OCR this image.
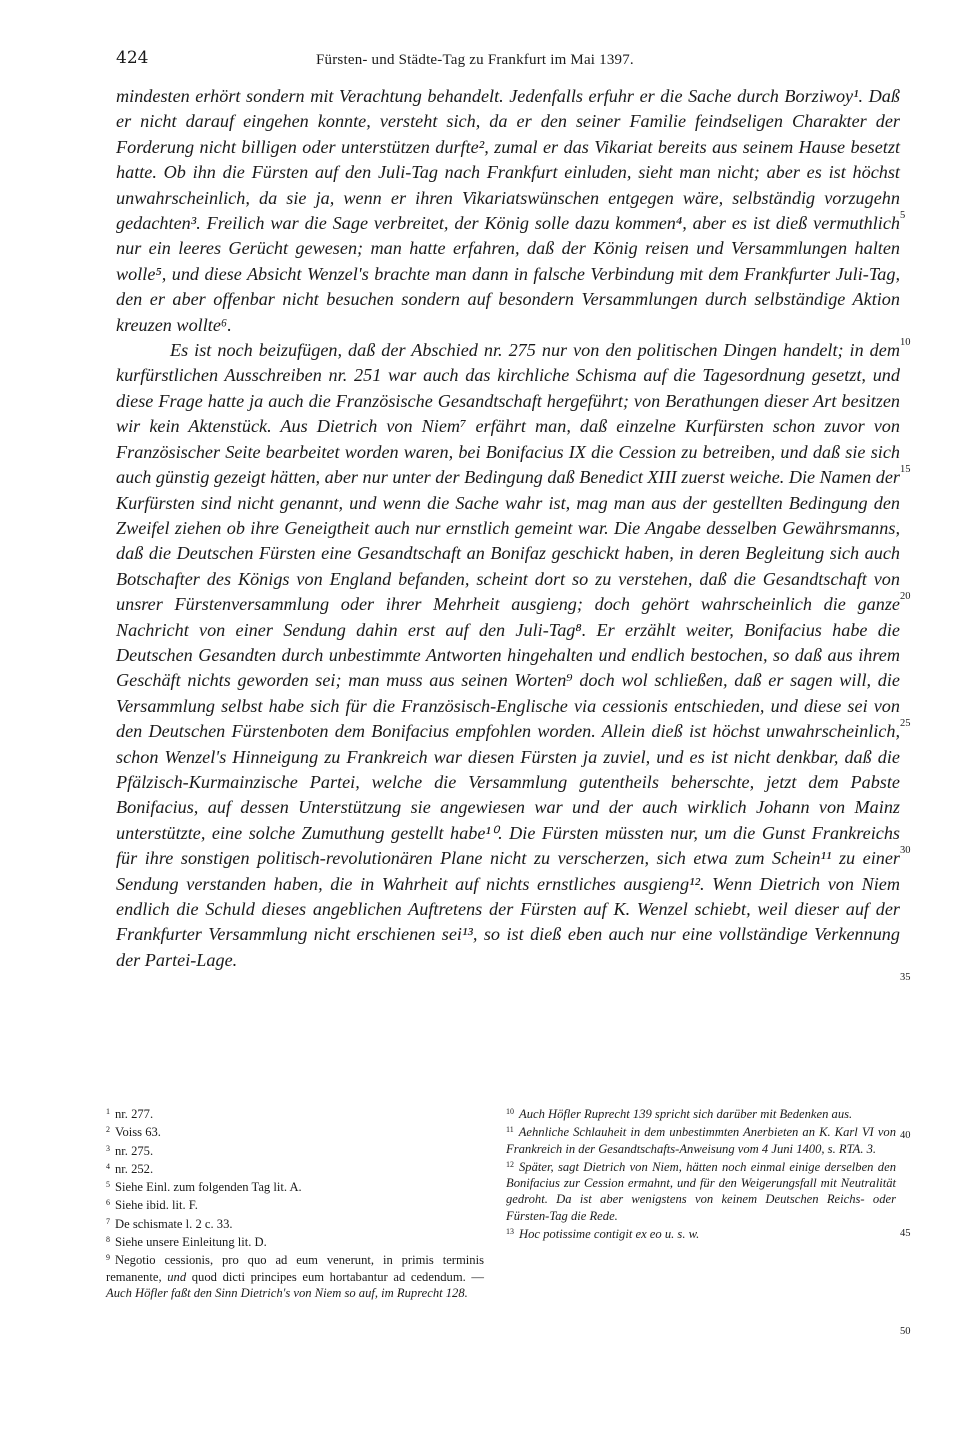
424	Fürsten- und Städte-Tag zu Frankfurt im Mai 1397.

mindesten erhört sondern mit Verachtung behandelt. Jedenfalls erfuhr er die Sache durch Borziwoy¹. Daß er nicht darauf eingehen konnte, versteht sich, da er den seiner Familie feindseligen Charakter der Forderung nicht billigen oder unterstützen durfte², zumal er das Vikariat bereits aus seinem Hause besetzt hatte. Ob ihn die Fürsten auf den Juli-Tag nach Frankfurt einluden, sieht man nicht; aber es ist höchst unwahrscheinlich, da sie ja, wenn er ihren Vikariatswünschen entgegen wäre, selbständig vorzugehn gedachten³. Freilich war die Sage verbreitet, der König solle dazu kommen⁴, aber es ist dieß vermuthlich nur ein leeres Gerücht gewesen; man hatte erfahren, daß der König reisen und Versammlungen halten wolle⁵, und diese Absicht Wenzel's brachte man dann in falsche Verbindung mit dem Frankfurter Juli-Tag, den er aber offenbar nicht besuchen sondern auf besondern Versammlungen durch selbständige Aktion kreuzen wollte⁶.

Es ist noch beizufügen, daß der Abschied nr. 275 nur von den politischen Dingen handelt; in dem kurfürstlichen Ausschreiben nr. 251 war auch das kirchliche Schisma auf die Tagesordnung gesetzt, und diese Frage hatte ja auch die Französische Gesandtschaft hergeführt; von Berathungen dieser Art besitzen wir kein Aktenstück. Aus Dietrich von Niem⁷ erfährt man, daß einzelne Kurfürsten schon zuvor von Französischer Seite bearbeitet worden waren, bei Bonifacius IX die Cession zu betreiben, und daß sie sich auch günstig gezeigt hätten, aber nur unter der Bedingung daß Benedict XIII zuerst weiche. Die Namen der Kurfürsten sind nicht genannt, und wenn die Sache wahr ist, mag man aus der gestellten Bedingung den Zweifel ziehen ob ihre Geneigtheit auch nur ernstlich gemeint war. Die Angabe desselben Gewährsmanns, daß die Deutschen Fürsten eine Gesandtschaft an Bonifaz geschickt haben, in deren Begleitung sich auch Botschafter des Königs von England befanden, scheint dort so zu verstehen, daß die Gesandtschaft von unsrer Fürstenversammlung oder ihrer Mehrheit ausgieng; doch gehört wahrscheinlich die ganze Nachricht von einer Sendung dahin erst auf den Juli-Tag⁸. Er erzählt weiter, Bonifacius habe die Deutschen Gesandten durch unbestimmte Antworten hingehalten und endlich bestochen, so daß aus ihrem Geschäft nichts geworden sei; man muss aus seinen Worten⁹ doch wol schließen, daß er sagen will, die Versammlung selbst habe sich für die Französisch-Englische via cessionis entschieden, und diese sei von den Deutschen Fürstenboten dem Bonifacius empfohlen worden. Allein dieß ist höchst unwahrscheinlich, schon Wenzel's Hinneigung zu Frankreich war diesen Fürsten ja zuviel, und es ist nicht denkbar, daß die Pfälzisch-Kurmainzische Partei, welche die Versammlung gutentheils beherschte, jetzt dem Pabste Bonifacius, auf dessen Unterstützung sie angewiesen war und der auch wirklich Johann von Mainz unterstützte, eine solche Zumuthung gestellt habe¹⁰. Die Fürsten müssten nur, um die Gunst Frankreichs für ihre sonstigen politisch-revolutionären Plane nicht zu verscherzen, sich etwa zum Schein¹¹ zu einer Sendung verstanden haben, die in Wahrheit auf nichts ernstliches ausgieng¹². Wenn Dietrich von Niem endlich die Schuld dieses angeblichen Auftretens der Fürsten auf K. Wenzel schiebt, weil dieser auf der Frankfurter Versammlung nicht erschienen sei¹³, so ist dieß eben auch nur eine vollständige Verkennung der Partei-Lage.

5
10
15
20
25
30
35
40
45
50

$^1$ nr. 277.

$^2$ Voiss 63.

$^3$ nr. 275.

$^4$ nr. 252.

$^5$ Siehe Einl. zum folgenden Tag lit. A.

$^6$ Siehe ibid. lit. F.

$^7$ De schismate l. 2 c. 33.

$^8$ Siehe unsere Einleitung lit. D.

$^9$ Negotio cessionis, pro quo ad eum venerunt, in primis terminis remanente, und quod dicti principes eum hortabantur ad cedendum. — Auch Höfler faßt den Sinn Dietrich's von Niem so auf, im Ruprecht 128.

$^{10}$ Auch Höfler Ruprecht 139 spricht sich darüber mit Bedenken aus.

$^{11}$ Aehnliche Schlauheit in dem unbestimmten Anerbieten an K. Karl VI von Frankreich in der Gesandtschafts-Anweisung vom 4 Juni 1400, s. RTA. 3.

$^{12}$ Später, sagt Dietrich von Niem, hätten noch einmal einige derselben den Bonifacius zur Cession ermahnt, und für den Weigerungsfall mit Neutralität gedroht. Da ist aber wenigstens von keinem Deutschen Reichs- oder Fürsten-Tag die Rede.

$^{13}$ Hoc potissime contigit ex eo u. s. w.
